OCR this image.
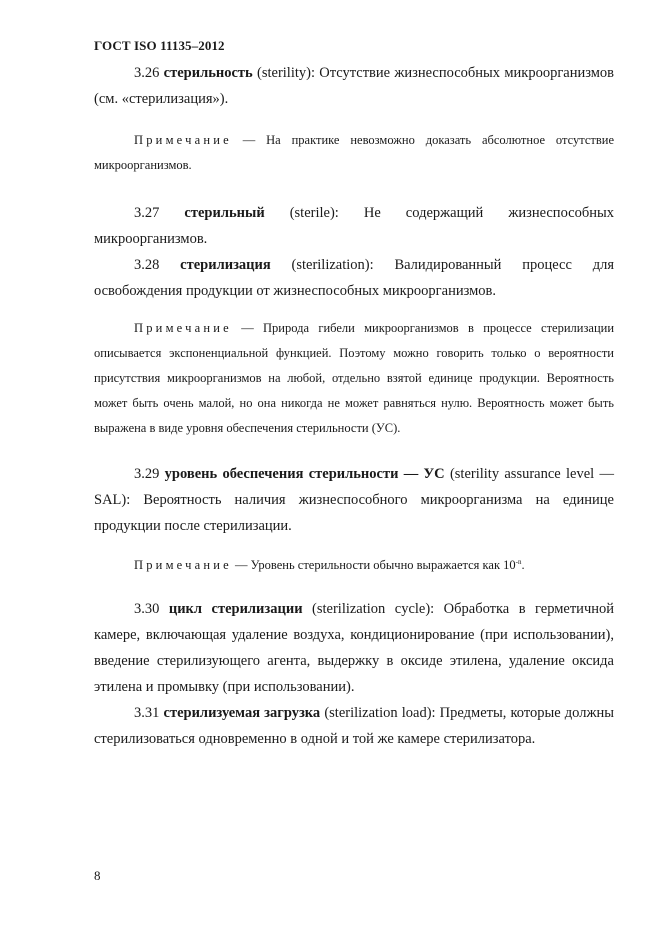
ГОСТ ISO 11135–2012

3.26 стерильность (sterility): Отсутствие жизнеспособных микроорганизмов (см. «стерилизация»).

Примечание — На практике невозможно доказать абсолютное отсутствие микроорганизмов.

3.27 стерильный (sterile): Не содержащий жизнеспособных микроорганизмов.

3.28 стерилизация (sterilization): Валидированный процесс для освобождения продукции от жизнеспособных микроорганизмов.

Примечание — Природа гибели микроорганизмов в процессе стерилизации описывается экспоненциальной функцией. Поэтому можно говорить только о вероятности присутствия микроорганизмов на любой, отдельно взятой единице продукции. Вероятность может быть очень малой, но она никогда не может равняться нулю. Вероятность может быть выражена в виде уровня обеспечения стерильности (УС).

3.29 уровень обеспечения стерильности — УС (sterility assurance level — SAL): Вероятность наличия жизнеспособного микроорганизма на единице продукции после стерилизации.

Примечание — Уровень стерильности обычно выражается как $10^{-n}$.

3.30 цикл стерилизации (sterilization cycle): Обработка в герметичной камере, включающая удаление воздуха, кондиционирование (при использовании), введение стерилизующего агента, выдержку в оксиде этилена, удаление оксида этилена и промывку (при использовании).

3.31 стерилизуемая загрузка (sterilization load): Предметы, которые должны стерилизоваться одновременно в одной и той же камере стерилизатора.

8
